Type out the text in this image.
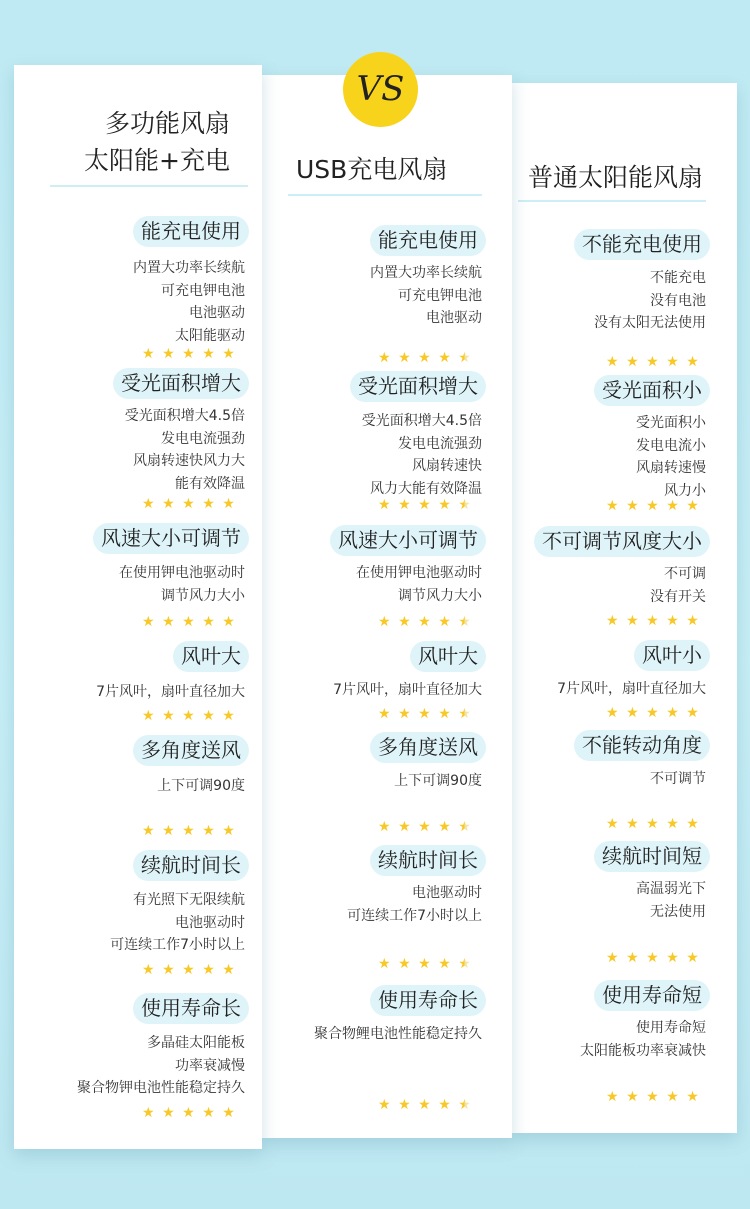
多功能风扇
太阳能+充电
能充电使用
内置大功率长续航
可充电钾电池
电池驱动
太阳能驱动
★ ★ ★ ★ ★
受光面积增大
受光面积增大4.5倍
发电电流强劲
风扇转速快风力大
能有效降温
★ ★ ★ ★ ★
风速大小可调节
在使用钾电池驱动时
调节风力大小
★ ★ ★ ★ ★
风叶大
7片风叶，扇叶直径加大
★ ★ ★ ★ ★
多角度送风
上下可调90度
★ ★ ★ ★ ★
续航时间长
有光照下无限续航
电池驱动时
可连续工作7小时以上
★ ★ ★ ★ ★
使用寿命长
多晶硅太阳能板
功率衰减慢
聚合物钾电池性能稳定持久
★ ★ ★ ★ ★
USB充电风扇
能充电使用
内置大功率长续航
可充电钾电池
电池驱动
★ ★ ★ ★ ★
受光面积增大
受光面积增大4.5倍
发电电流强劲
风扇转速快
风力大能有效降温
★ ★ ★ ★ ★
风速大小可调节
在使用钾电池驱动时
调节风力大小
★ ★ ★ ★ ★
风叶大
7片风叶，扇叶直径加大
★ ★ ★ ★ ★
多角度送风
上下可调90度
★ ★ ★ ★ ★
续航时间长
电池驱动时
可连续工作7小时以上
★ ★ ★ ★ ★
使用寿命长
聚合物鲤电池性能稳定持久
★ ★ ★ ★ ★
普通太阳能风扇
不能充电使用
不能充电
没有电池
没有太阳无法使用
★ ★ ★ ★ ★
受光面积小
受光面积小
发电电流小
风扇转速慢
风力小
★ ★ ★ ★ ★
不可调节风度大小
不可调
没有开关
★ ★ ★ ★ ★
风叶小
7片风叶，扇叶直径加大
★ ★ ★ ★ ★
不能转动角度
不可调节
★ ★ ★ ★ ★
续航时间短
高温弱光下
无法使用
★ ★ ★ ★ ★
使用寿命短
使用寿命短
太阳能板功率衰减快
★ ★ ★ ★ ★
VS
